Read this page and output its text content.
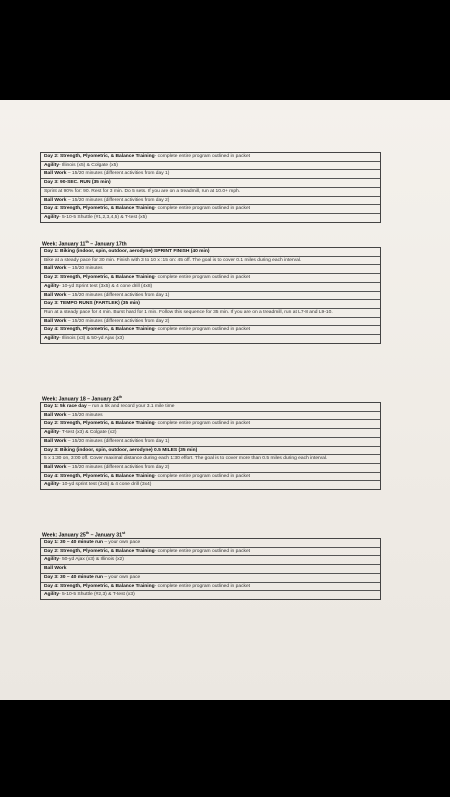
Day 2: Strength, Plyometric, & Balance Training- complete entire program outlined in packet
Agility- Illinois (x5) & Colgate (x5)
Ball Work – 15/20 minutes (different activities from day 1)
Day 3: 90-SEC. RUN (35 min)
Sprint at 90% for: 90. Rest for 3 min. Do 5 sets. If you are on a treadmill, run at 10.0+ mph.
Ball Work – 15/20 minutes (different activities from day 2)
Day 4: Strength, Plyometric, & Balance Training- complete entire program outlined in packet
Agility- 5-10-5 Shuttle (#1,2,3,4,5) & T-test (x5)
Week: January 11th – January 17th
Day 1: Biking (indoor, spin, outdoor, aerodyne) SPRINT FINISH (40 min)
Bike at a steady pace for 30 min. Finish with 3 to 10 x :15 on: 45 off. The goal is to cover 0.1 miles during each interval.
Ball Work – 15/20 minutes
Day 2: Strength, Plyometric, & Balance Training- complete entire program outlined in packet
Agility- 10-yd Sprint test (3x5) & 4 cone drill (4x8)
Ball Work – 15/20 minutes (different activities from day 1)
Day 3: TEMPO RUNS (FARTLEK) (35 min)
Run at a steady pace for 4 min. Burst hard for 1 min. Follow this sequence for 35 min. If you are on a treadmill, run at L7-8 and L9-10.
Ball Work – 15/20 minutes (different activities from day 2)
Day 4: Strength, Plyometric, & Balance Training- complete entire program outlined in packet
Agility- Illinois (x3) & 50-yd Ajax (x3)
Week: January 18 – January 24th
Day 1: 5k race day – run a 5k and record your 3.1 mile time
Ball Work – 15/20 minutes
Day 2: Strength, Plyometric, & Balance Training- complete entire program outlined in packet
Agility- T-test (x3) & Colgate (x2)
Ball Work – 15/20 minutes (different activities from day 1)
Day 3: Biking (indoor, spin, outdoor, aerodyne) 0.5 MILES (35 min)
5 x 1:30 on, 3:00 off. Cover maximal distance during each 1:30 effort. The goal is to cover more than 0.5 miles during each interval.
Ball Work – 15/20 minutes (different activities from day 2)
Day 4: Strength, Plyometric, & Balance Training- complete entire program outlined in packet
Agility- 10-yd sprint test (3x5) & 4 cone drill (3x4)
Week: January 25th – January 31st
Day 1: 30 – 40 minute run – your own pace
Day 2: Strength, Plyometric, & Balance Training- complete entire program outlined in packet
Agility- 50-yd Ajax (x3) & Illinois (x2)
Ball Work
Day 3: 30 – 40 minute run – your own pace
Day 4: Strength, Plyometric, & Balance Training- complete entire program outlined in packet
Agility- 5-10-5 Shuttle (#2,3) & T-test (x3)
